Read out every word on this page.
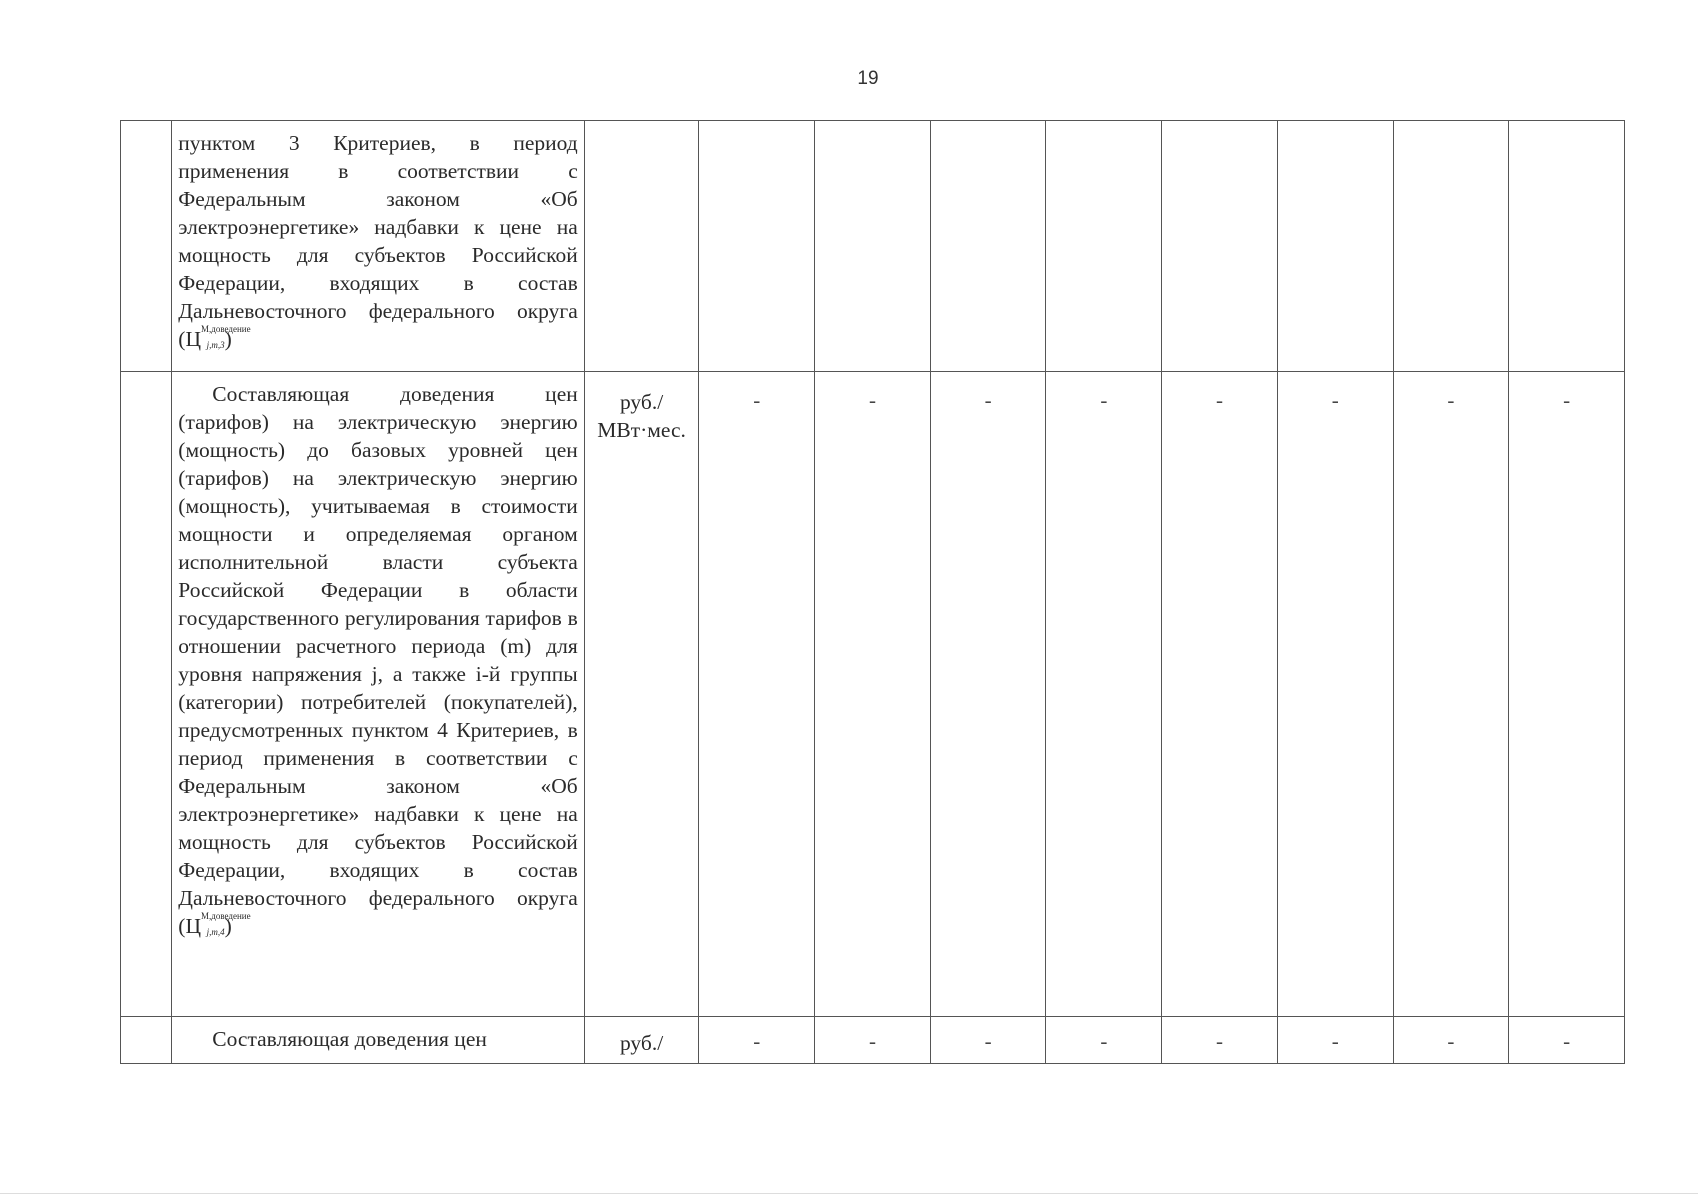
19

	пунктом 3 Критериев, в период применения в соответствии с Федеральным законом «Об электроэнергетике» надбавки к цене на мощность для субъектов Российской Федерации, входящих в состав Дальневосточного федерального округа $(Ц^{М,доведение}_{j,m,3})$									

	Составляющая доведения цен (тарифов) на электрическую энергию (мощность) до базовых уровней цен (тарифов) на электрическую энергию (мощность), учитываемая в стоимости мощности и определяемая органом исполнительной власти субъекта Российской Федерации в области государственного регулирования тарифов в отношении расчетного периода (m) для уровня напряжения j, а также i-й группы (категории) потребителей (покупателей), предусмотренных пунктом 4 Критериев, в период применения в соответствии с Федеральным законом «Об электроэнергетике» надбавки к цене на мощность для субъектов Российской Федерации, входящих в состав Дальневосточного федерального округа $(Ц^{М,доведение}_{j,m,4})$	руб./ МВт·мес.	-	-	-	-	-	-	-	-

	Составляющая доведения цен	руб./	-	-	-	-	-	-	-	-
